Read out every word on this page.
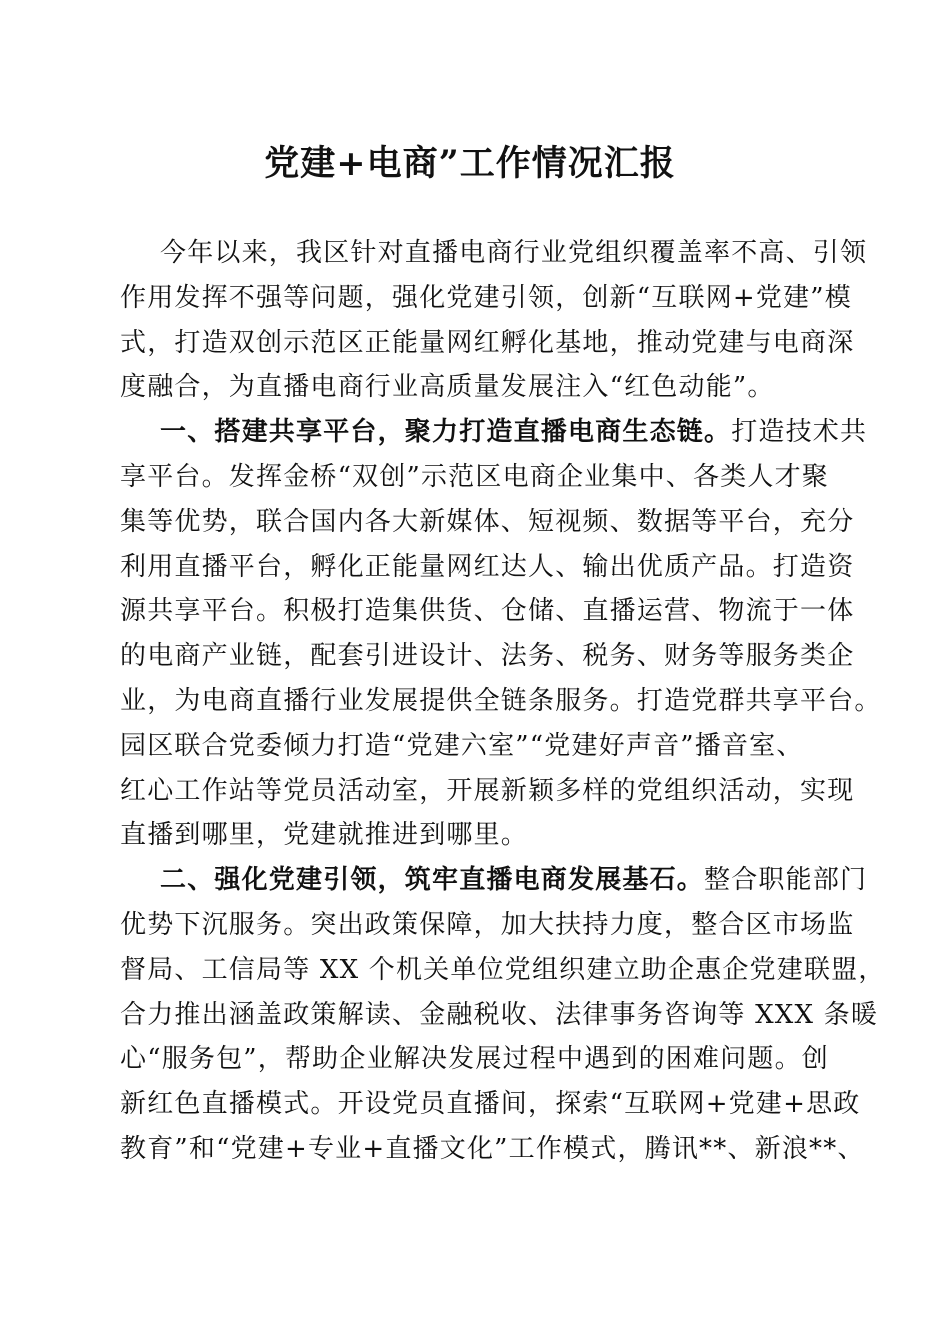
党建+电商”工作情况汇报
今年以来，我区针对直播电商行业党组织覆盖率不高、引领
作用发挥不强等问题，强化党建引领，创新“互联网+党建”模
式，打造双创示范区正能量网红孵化基地，推动党建与电商深
度融合，为直播电商行业高质量发展注入“红色动能”。
一、搭建共享平台，聚力打造直播电商生态链。打造技术共
享平台。发挥金桥“双创”示范区电商企业集中、各类人才聚
集等优势，联合国内各大新媒体、短视频、数据等平台，充分
利用直播平台，孵化正能量网红达人、输出优质产品。打造资
源共享平台。积极打造集供货、仓储、直播运营、物流于一体
的电商产业链，配套引进设计、法务、税务、财务等服务类企
业，为电商直播行业发展提供全链条服务。打造党群共享平台。
园区联合党委倾力打造“党建六室”“党建好声音”播音室、
红心工作站等党员活动室，开展新颖多样的党组织活动，实现
直播到哪里，党建就推进到哪里。
二、强化党建引领，筑牢直播电商发展基石。整合职能部门
优势下沉服务。突出政策保障，加大扶持力度，整合区市场监
督局、工信局等 XX 个机关单位党组织建立助企惠企党建联盟，
合力推出涵盖政策解读、金融税收、法律事务咨询等 XXX 条暖
心“服务包”，帮助企业解决发展过程中遇到的困难问题。创
新红色直播模式。开设党员直播间，探索“互联网+党建+思政
教育”和“党建+专业+直播文化”工作模式，腾讯**、新浪**、
